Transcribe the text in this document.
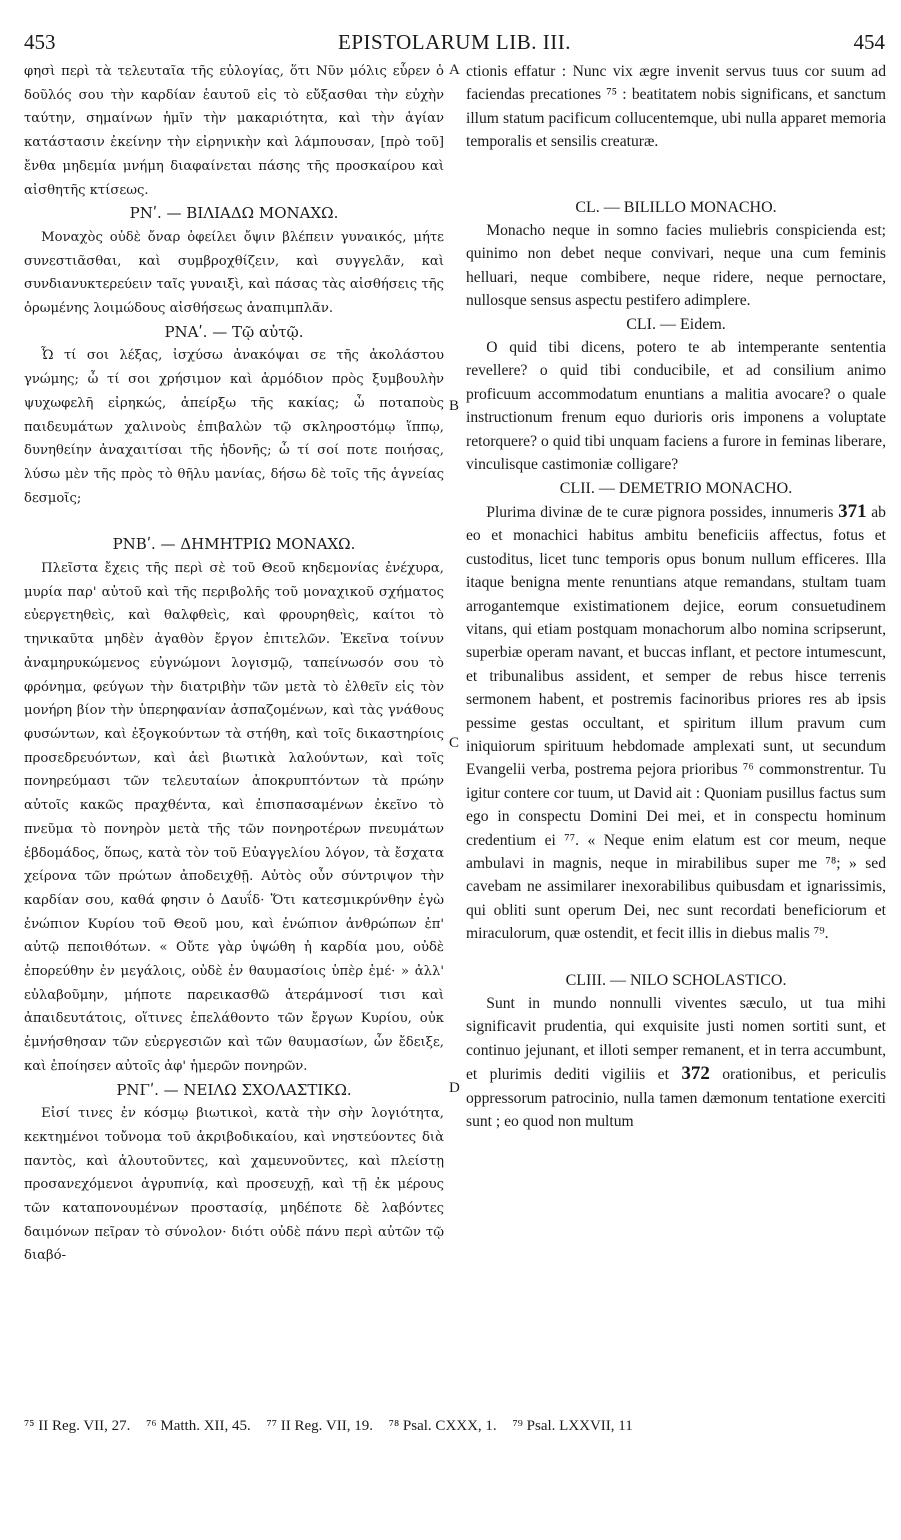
453	EPISTOLARUM LIB. III.	454
A
B
C
D

φησὶ περὶ τὰ τελευταῖα τῆς εὐλογίας, ὅτι Νῦν μόλις εὗρεν ὁ δοῦλός σου τὴν καρδίαν ἑαυτοῦ εἰς τὸ εὔξασθαι τὴν εὐχὴν ταύτην, σημαίνων ἡμῖν τὴν μακαριότητα, καὶ τὴν ἁγίαν κατάστασιν ἐκείνην τὴν εἰρηνικὴν καὶ λάμπουσαν, [πρὸ τοῦ] ἔνθα μηδεμία μνήμη διαφαίνεται πάσης τῆς προσκαίρου καὶ αἰσθητῆς κτίσεως.

ΡΝʹ. — ΒΙΛΙΑΔΩ ΜΟΝΑΧΩ.

Μοναχὸς οὐδὲ ὄναρ ὀφείλει ὄψιν βλέπειν γυναικός, μήτε συνεστιᾶσθαι, καὶ συμβροχθίζειν, καὶ συγγελᾶν, καὶ συνδιανυκτερεύειν ταῖς γυναιξὶ, καὶ πάσας τὰς αἰσθήσεις τῆς ὁρωμένης λοιμώδους αἰσθήσεως ἀναπιμπλᾶν.

ΡΝΑʹ. — Τῷ αὐτῷ.

Ὦ τί σοι λέξας, ἰσχύσω ἀνακόψαι σε τῆς ἀκολάστου γνώμης; ὦ τί σοι χρήσιμον καὶ ἁρμόδιον πρὸς ξυμβουλὴν ψυχωφελῆ εἰρηκώς, ἀπείρξω τῆς κακίας; ὦ ποταποὺς παιδευμάτων χαλινοὺς ἐπιβαλὼν τῷ σκληροστόμῳ ἵππῳ, δυνηθείην ἀναχαιτίσαι τῆς ἡδονῆς; ὦ τί σοί ποτε ποιήσας, λύσω μὲν τῆς πρὸς τὸ θῆλυ μανίας, δήσω δὲ τοῖς τῆς ἁγνείας δεσμοῖς;

ΡΝΒʹ. — ΔΗΜΗΤΡΙΩ ΜΟΝΑΧΩ.

Πλεῖστα ἔχεις τῆς περὶ σὲ τοῦ Θεοῦ κηδεμονίας ἐνέχυρα, μυρία παρ' αὐτοῦ καὶ τῆς περιβολῆς τοῦ μοναχικοῦ σχήματος εὐεργετηθεὶς, καὶ θαλφθεὶς, καὶ φρουρηθεὶς, καίτοι τὸ τηνικαῦτα μηδὲν ἀγαθὸν ἔργον ἐπιτελῶν. Ἐκεῖνα τοίνυν ἀναμηρυκώμενος εὐγνώμονι λογισμῷ, ταπείνωσόν σου τὸ φρόνημα, φεύγων τὴν διατριβὴν τῶν μετὰ τὸ ἐλθεῖν εἰς τὸν μονήρη βίον τὴν ὑπερηφανίαν ἀσπαζομένων, καὶ τὰς γνάθους φυσώντων, καὶ ἐξογκούντων τὰ στήθη, καὶ τοῖς δικαστηρίοις προσεδρευόντων, καὶ ἀεὶ βιωτικὰ λαλούντων, καὶ τοῖς πονηρεύμασι τῶν τελευταίων ἀποκρυπτόντων τὰ πρώην αὐτοῖς κακῶς πραχθέντα, καὶ ἐπισπασαμένων ἐκεῖνο τὸ πνεῦμα τὸ πονηρὸν μετὰ τῆς τῶν πονηροτέρων πνευμάτων ἑβδομάδος, ὅπως, κατὰ τὸν τοῦ Εὐαγγελίου λόγον, τὰ ἔσχατα χείρονα τῶν πρώτων ἀποδειχθῇ. Αὐτὸς οὖν σύντριψον τὴν καρδίαν σου, καθά φησιν ὁ Δαυΐδ· Ὅτι κατεσμικρύνθην ἐγὼ ἐνώπιον Κυρίου τοῦ Θεοῦ μου, καὶ ἐνώπιον ἀνθρώπων ἐπ' αὐτῷ πεποιθότων. « Οὔτε γὰρ ὑψώθη ἡ καρδία μου, οὐδὲ ἐπορεύθην ἐν μεγάλοις, οὐδὲ ἐν θαυμασίοις ὑπὲρ ἐμέ· » ἀλλ' εὐλαβοῦμην, μήποτε παρεικασθῶ ἀτεράμνοσί τισι καὶ ἀπαιδευτάτοις, οἵτινες ἐπελάθοντο τῶν ἔργων Κυρίου, οὐκ ἐμνήσθησαν τῶν εὐεργεσιῶν καὶ τῶν θαυμασίων, ὧν ἔδειξε, καὶ ἐποίησεν αὐτοῖς ἀφ' ἡμερῶν πονηρῶν.

ΡΝΓʹ. — ΝΕΙΛΩ ΣΧΟΛΑΣΤΙΚΩ.

Εἰσί τινες ἐν κόσμῳ βιωτικοὶ, κατὰ τὴν σὴν λογιότητα, κεκτημένοι τοὔνομα τοῦ ἀκριβοδικαίου, καὶ νηστεύοντες διὰ παντὸς, καὶ ἀλουτοῦντες, καὶ χαμευνοῦντες, καὶ πλείστῃ προσανεχόμενοι ἀγρυπνίᾳ, καὶ προσευχῇ, καὶ τῇ ἐκ μέρους τῶν καταπονουμένων προστασίᾳ, μηδέποτε δὲ λαβόντες δαιμόνων πεῖραν τὸ σύνολον· διότι οὐδὲ πάνυ περὶ αὐτῶν τῷ διαβό-

ctionis effatur : Nunc vix ægre invenit servus tuus cor suum ad faciendas precationes ⁷⁵ : beatitatem nobis significans, et sanctum illum statum pacificum collucentemque, ubi nulla apparet memoria temporalis et sensilis creaturæ.

CL. — BILILLO MONACHO.

Monacho neque in somno facies muliebris conspicienda est; quinimo non debet neque convivari, neque una cum feminis helluari, neque combibere, neque ridere, neque pernoctare, nullosque sensus aspectu pestifero adimplere.

CLI. — Eidem.

O quid tibi dicens, potero te ab intemperante sententia revellere? o quid tibi conducibile, et ad consilium animo proficuum accommodatum enuntians a malitia avocare? o quale instructionum frenum equo durioris oris imponens a voluptate retorquere? o quid tibi unquam faciens a furore in feminas liberare, vinculisque castimoniæ colligare?

CLII. — DEMETRIO MONACHO.

Plurima divinæ de te curæ pignora possides, innumeris 371 ab eo et monachici habitus ambitu beneficiis affectus, fotus et custoditus, licet tunc temporis opus bonum nullum efficeres. Illa itaque benigna mente renuntians atque remandans, stultam tuam arrogantemque existimationem dejice, eorum consuetudinem vitans, qui etiam postquam monachorum albo nomina scripserunt, superbiæ operam navant, et buccas inflant, et pectore intumescunt, et tribunalibus assident, et semper de rebus hisce terrenis sermonem habent, et postremis facinoribus priores res ab ipsis pessime gestas occultant, et spiritum illum pravum cum iniquiorum spirituum hebdomade amplexati sunt, ut secundum Evangelii verba, postrema pejora prioribus ⁷⁶ commonstrentur. Tu igitur contere cor tuum, ut David ait : Quoniam pusillus factus sum ego in conspectu Domini Dei mei, et in conspectu hominum credentium ei ⁷⁷. « Neque enim elatum est cor meum, neque ambulavi in magnis, neque in mirabilibus super me ⁷⁸; » sed cavebam ne assimilarer inexorabilibus quibusdam et ignarissimis, qui obliti sunt operum Dei, nec sunt recordati beneficiorum et miraculorum, quæ ostendit, et fecit illis in diebus malis ⁷⁹.

CLIII. — NILO SCHOLASTICO.

Sunt in mundo nonnulli viventes sæculo, ut tua mihi significavit prudentia, qui exquisite justi nomen sortiti sunt, et continuo jejunant, et illoti semper remanent, et in terra accumbunt, et plurimis dediti vigiliis et 372 orationibus, et periculis oppressorum patrocinio, nulla tamen dæmonum tentatione exerciti sunt ; eo quod non multum

⁷⁵ II Reg. VII, 27. ⁷⁶ Matth. XII, 45. ⁷⁷ II Reg. VII, 19. ⁷⁸ Psal. CXXX, 1. ⁷⁹ Psal. LXXVII, 11
